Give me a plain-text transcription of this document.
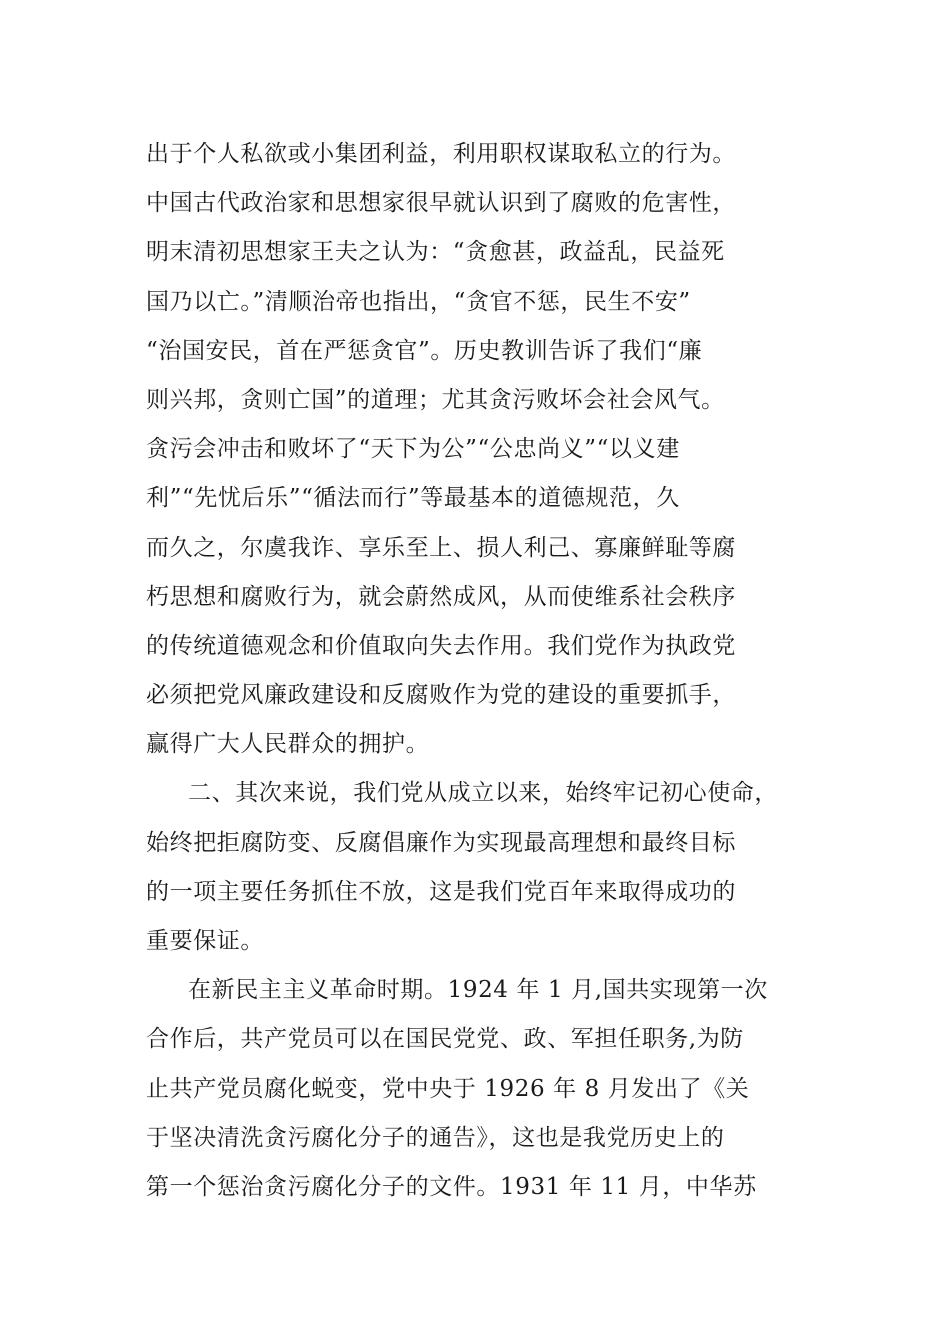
出于个人私欲或小集团利益，利用职权谋取私立的行为。
中国古代政治家和思想家很早就认识到了腐败的危害性，
明末清初思想家王夫之认为：“贪愈甚，政益乱，民益死
国乃以亡。”清顺治帝也指出，“贪官不惩，民生不安”
“治国安民，首在严惩贪官”。历史教训告诉了我们“廉
则兴邦，贪则亡国”的道理；尤其贪污败坏会社会风气。
贪污会冲击和败坏了“天下为公”“公忠尚义”“以义建
利”“先忧后乐”“循法而行”等最基本的道德规范，久
而久之，尔虞我诈、享乐至上、损人利己、寡廉鲜耻等腐
朽思想和腐败行为，就会蔚然成风，从而使维系社会秩序
的传统道德观念和价值取向失去作用。我们党作为执政党
必须把党风廉政建设和反腐败作为党的建设的重要抓手，
赢得广大人民群众的拥护。
二、其次来说，我们党从成立以来，始终牢记初心使命，
始终把拒腐防变、反腐倡廉作为实现最高理想和最终目标
的一项主要任务抓住不放，这是我们党百年来取得成功的
重要保证。
在新民主主义革命时期。1924 年 1 月,国共实现第一次
合作后，共产党员可以在国民党党、政、军担任职务,为防
止共产党员腐化蜕变，党中央于 1926 年 8 月发出了《关
于坚决清洗贪污腐化分子的通告》，这也是我党历史上的
第一个惩治贪污腐化分子的文件。1931 年 11 月，中华苏
